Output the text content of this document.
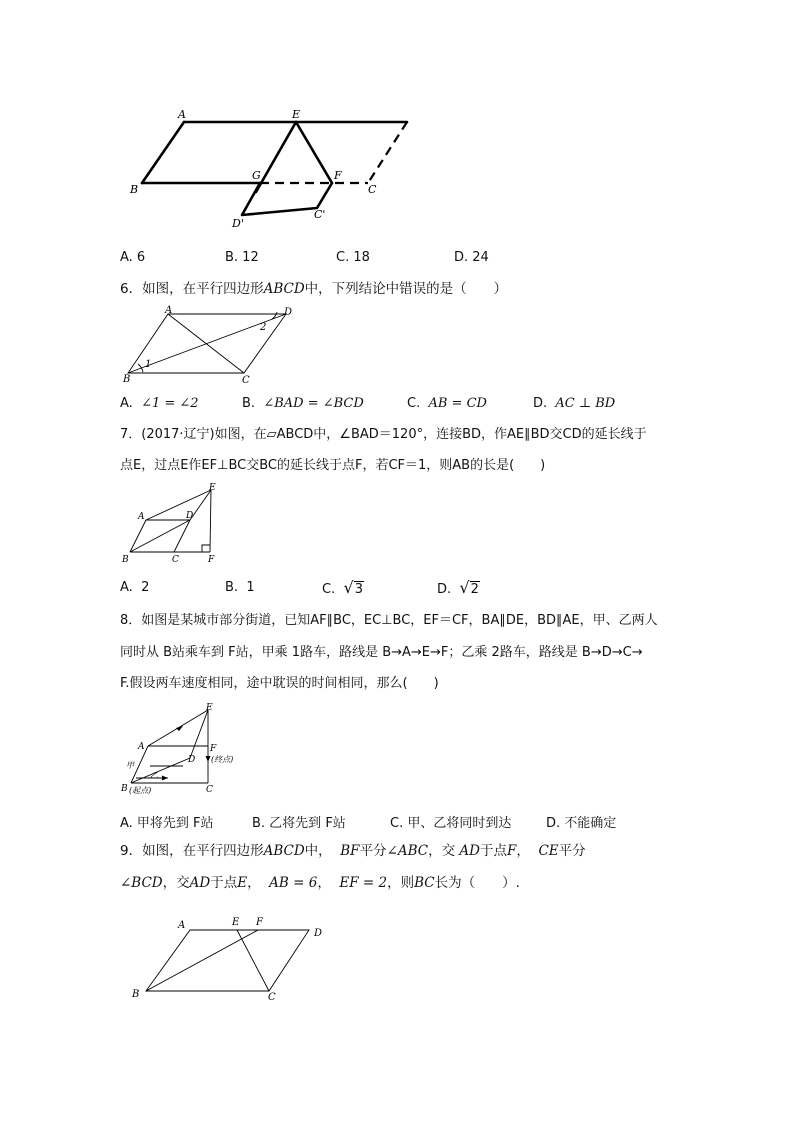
A	E
B
G	F
C
D'
C'
A. 6	B. 12	C. 18	D. 24
6．如图，在平行四边形ABCD中，下列结论中错误的是（　　）
A	D
B	C
1
2
A. ∠1 = ∠2	B. ∠BAD = ∠BCD	C. AB = CD	D. AC ⊥ BD
7．(2017·辽宁)如图，在▱ABCD中，∠BAD＝120°，连接BD，作AE∥BD交CD的延长线于
点E，过点E作EF⊥BC交BC的延长线于点F，若CF＝1，则AB的长是(　　)
E
A	D
B	C	F
A. 2	B. 1	C. √3	D. √2
8．如图是某城市部分街道，已知AF∥BC，EC⊥BC，EF＝CF，BA∥DE，BD∥AE，甲、乙两人
同时从 B站乘车到 F站，甲乘 1路车，路线是 B→A→E→F；乙乘 2路车，路线是 B→D→C→
F.假设两车速度相同，途中耽误的时间相同，那么(　　)
E
A	F
D (终点)
甲
乙
B (起点)	C
A. 甲将先到 F站	B. 乙将先到 F站	C. 甲、乙将同时到达	D. 不能确定
9．如图，在平行四边形ABCD中， BF平分∠ABC，交 AD于点F， CE平分
∠BCD，交AD于点E， AB = 6， EF = 2，则BC长为（　　）.
A	E F
D
B	C
